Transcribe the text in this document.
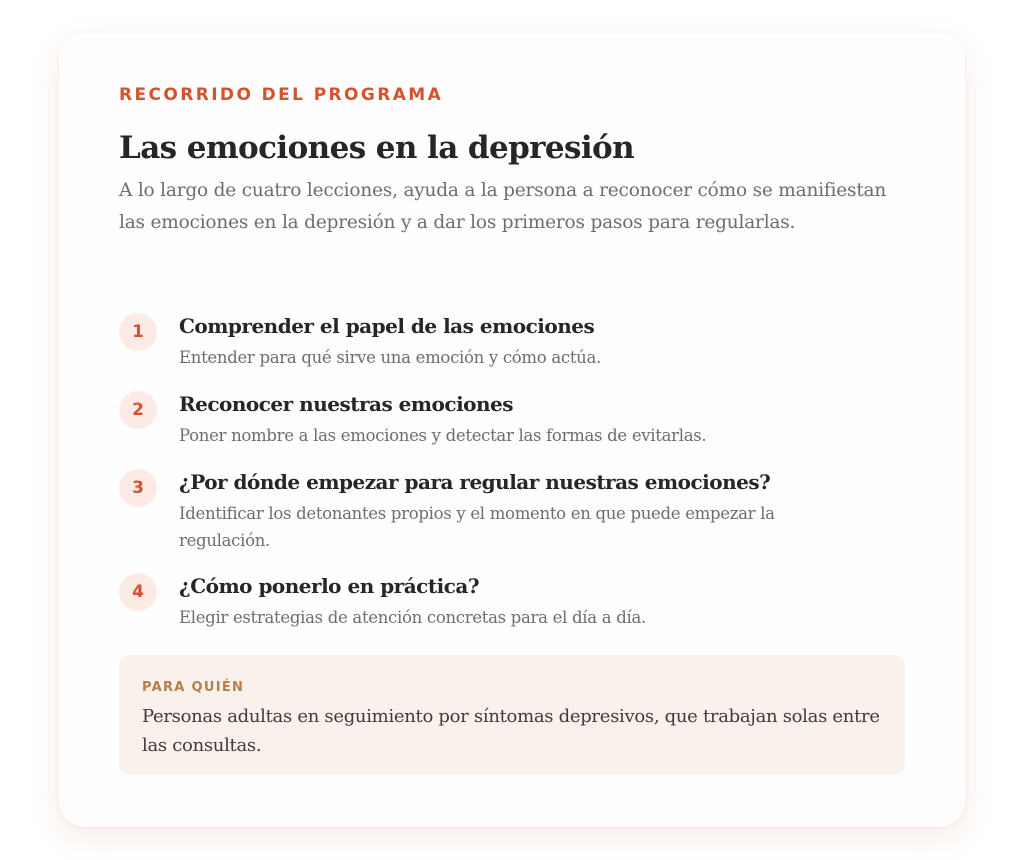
RECORRIDO DEL PROGRAMA

Las emociones en la depresión

A lo largo de cuatro lecciones, ayuda a la persona a reconocer cómo se manifiestan las emociones en la depresión y a dar los primeros pasos para regularlas.

1	Comprender el papel de las emociones
Entender para qué sirve una emoción y cómo actúa.
2	Reconocer nuestras emociones
Poner nombre a las emociones y detectar las formas de evitarlas.
3	¿Por dónde empezar para regular nuestras emociones?
Identificar los detonantes propios y el momento en que puede empezar la regulación.
4	¿Cómo ponerlo en práctica?
Elegir estrategias de atención concretas para el día a día.

PARA QUIÉN

Personas adultas en seguimiento por síntomas depresivos, que trabajan solas entre las consultas.
